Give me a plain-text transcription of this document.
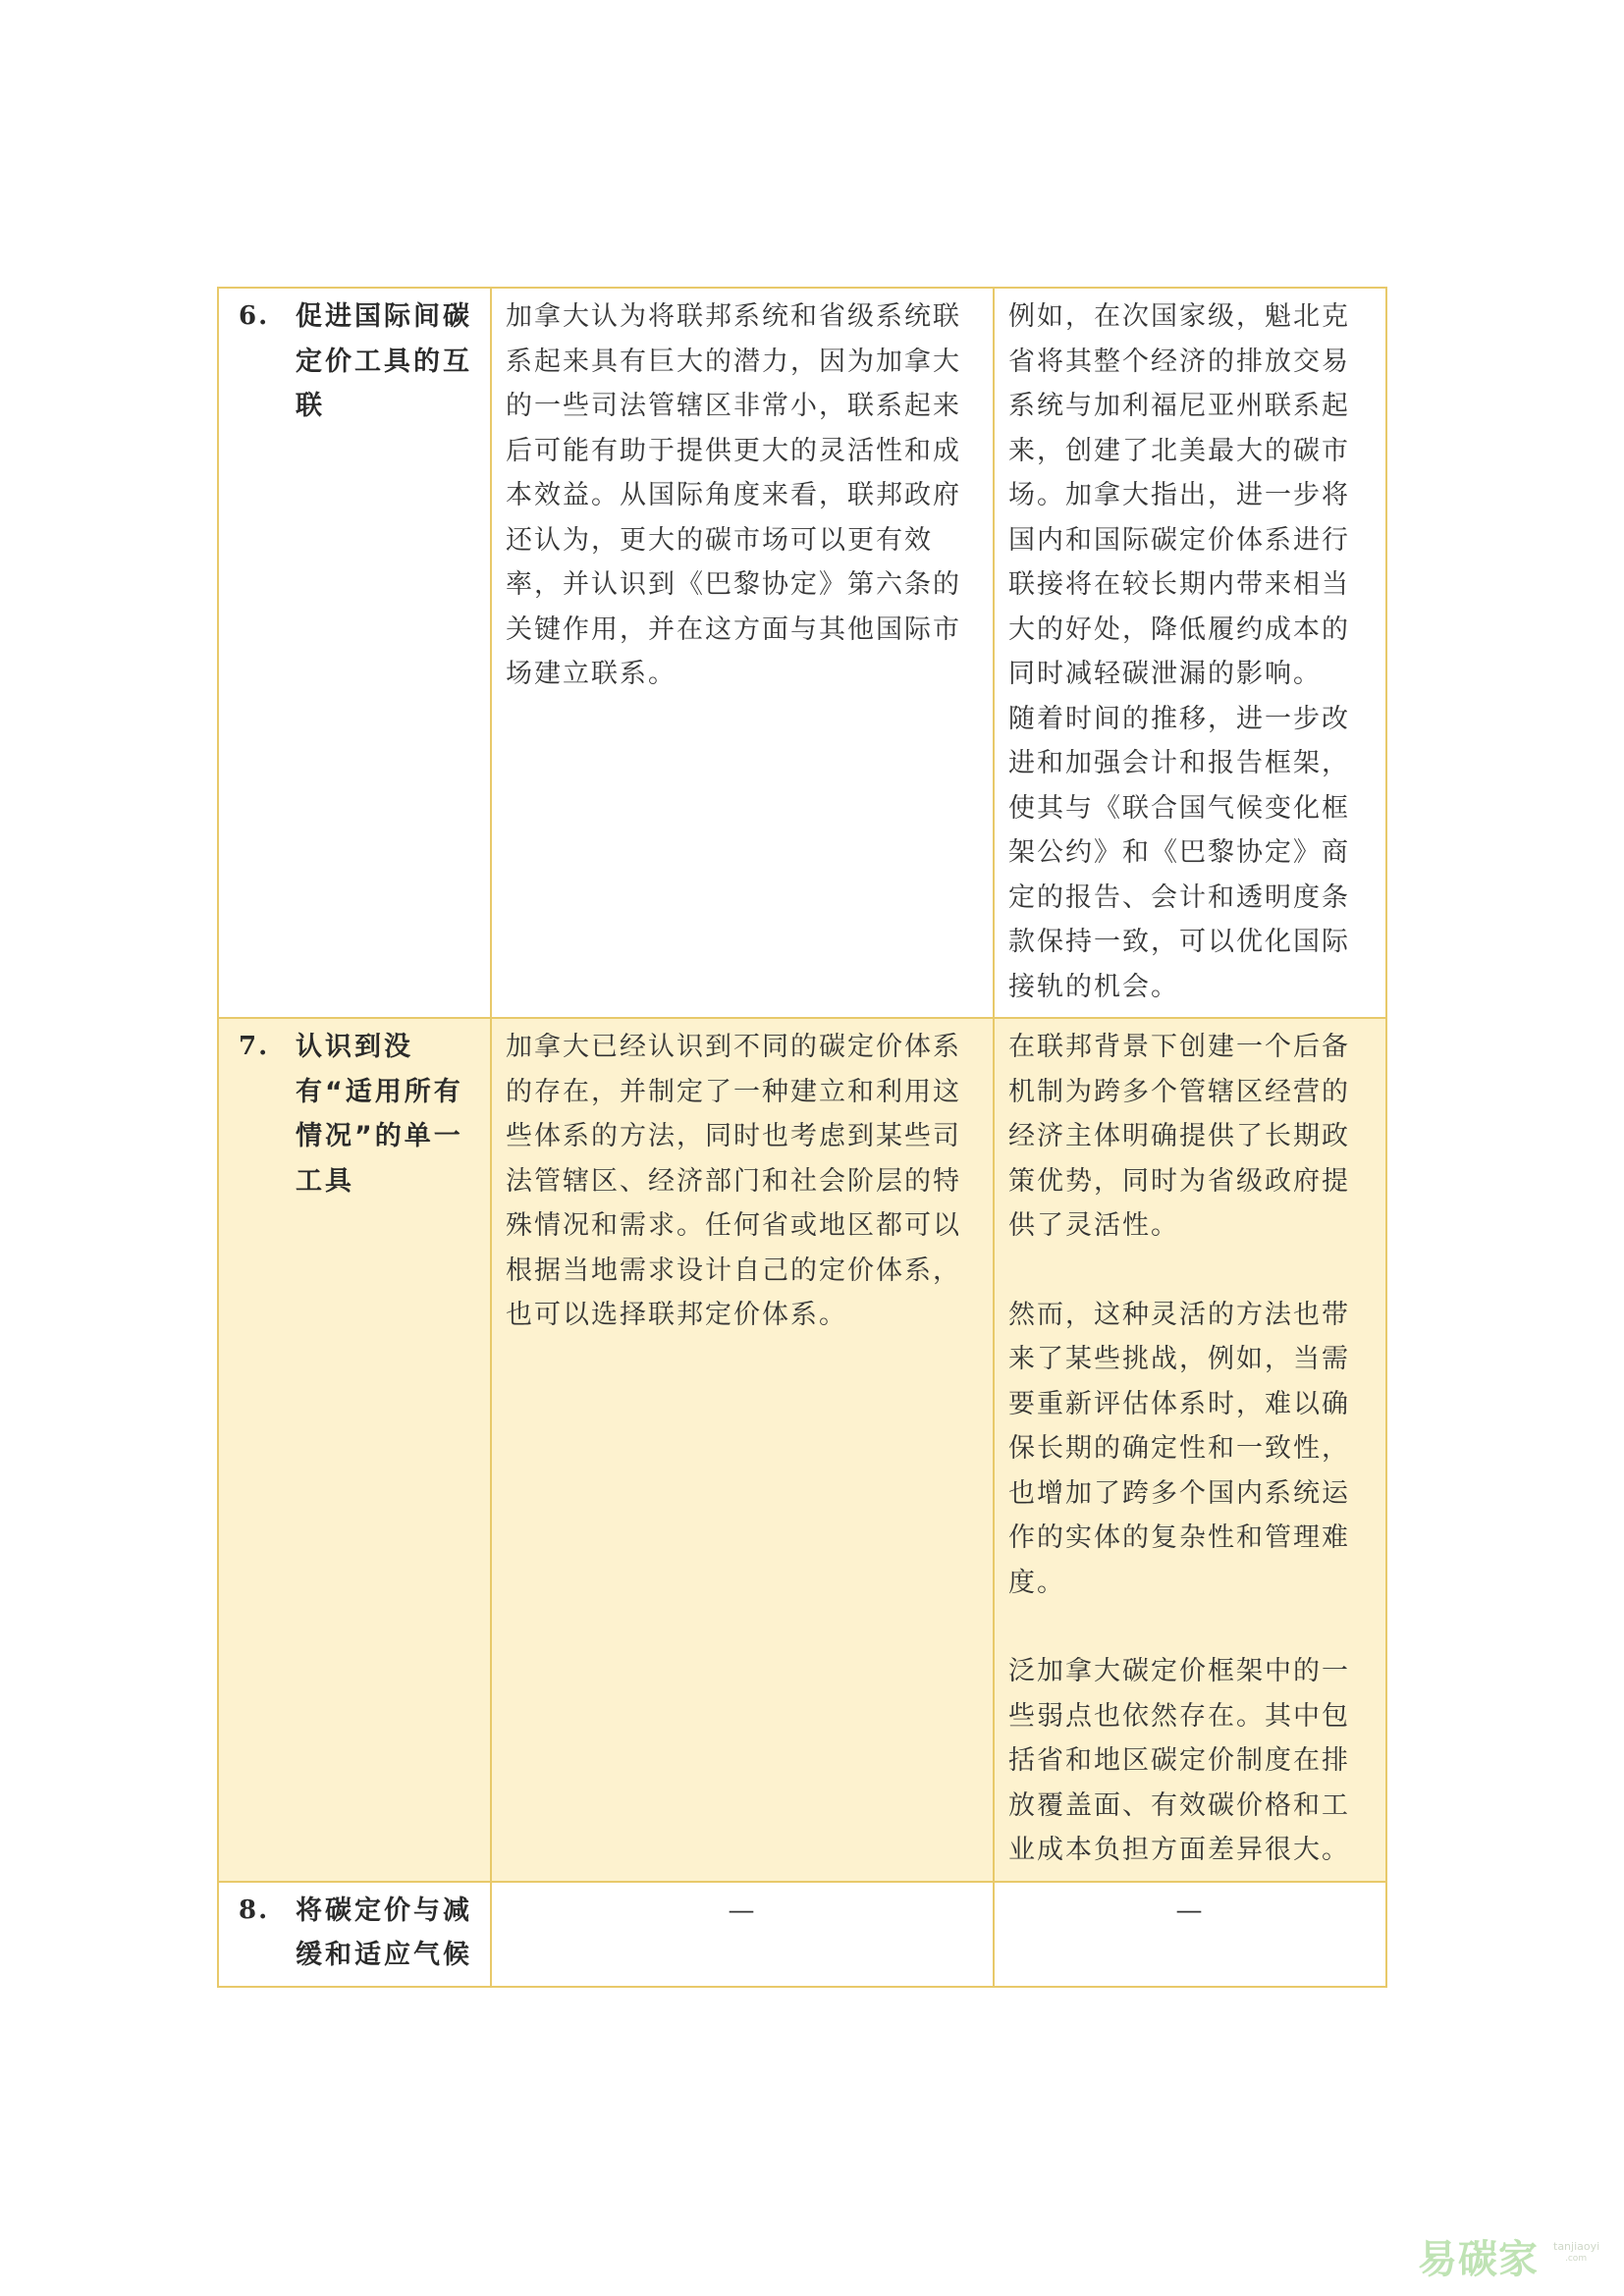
6. 促进国际间碳定价工具的互联	加拿大认为将联邦系统和省级系统联系起来具有巨大的潜力，因为加拿大的一些司法管辖区非常小，联系起来后可能有助于提供更大的灵活性和成本效益。从国际角度来看，联邦政府还认为，更大的碳市场可以更有效率，并认识到《巴黎协定》第六条的关键作用，并在这方面与其他国际市场建立联系。	例如，在次国家级，魁北克省将其整个经济的排放交易系统与加利福尼亚州联系起来，创建了北美最大的碳市场。加拿大指出，进一步将国内和国际碳定价体系进行联接将在较长期内带来相当大的好处，降低履约成本的同时减轻碳泄漏的影响。
随着时间的推移，进一步改进和加强会计和报告框架，使其与《联合国气候变化框架公约》和《巴黎协定》商定的报告、会计和透明度条款保持一致，可以优化国际接轨的机会。

7. 认识到没有“适用所有情况”的单一工具	加拿大已经认识到不同的碳定价体系的存在，并制定了一种建立和利用这些体系的方法，同时也考虑到某些司法管辖区、经济部门和社会阶层的特殊情况和需求。任何省或地区都可以根据当地需求设计自己的定价体系，也可以选择联邦定价体系。	在联邦背景下创建一个后备机制为跨多个管辖区经营的经济主体明确提供了长期政策优势，同时为省级政府提供了灵活性。
然而，这种灵活的方法也带来了某些挑战，例如，当需要重新评估体系时，难以确保长期的确定性和一致性，也增加了跨多个国内系统运作的实体的复杂性和管理难度。
泛加拿大碳定价框架中的一些弱点也依然存在。其中包括省和地区碳定价制度在排放覆盖面、有效碳价格和工业成本负担方面差异很大。

8. 将碳定价与减缓和适应气候	—	—
易碳家 tanjiaoyi
.com
